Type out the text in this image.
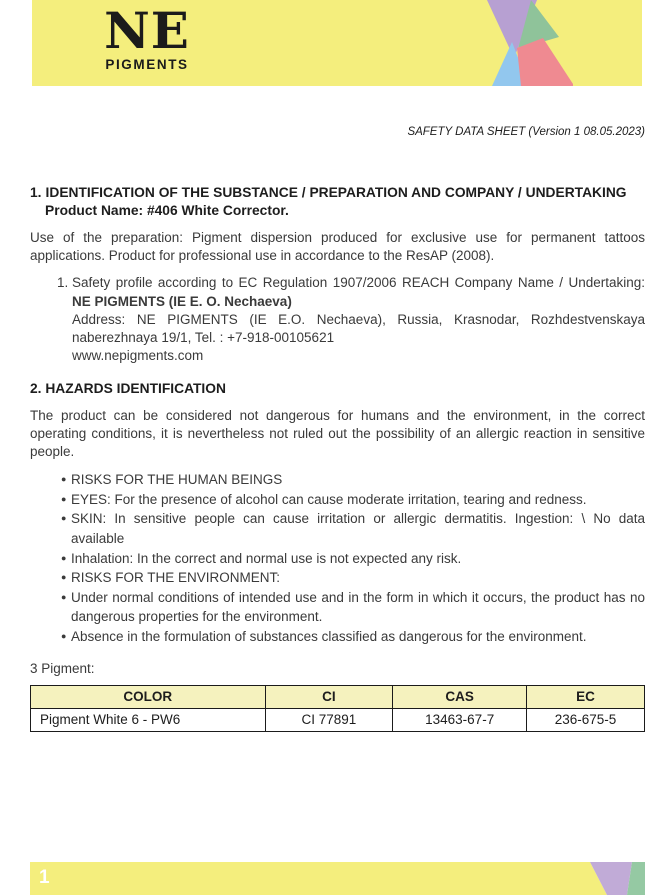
NE
PIGMENTS
SAFETY DATA SHEET (Version 1 08.05.2023)
1. IDENTIFICATION OF THE SUBSTANCE / PREPARATION AND COMPANY / UNDERTAKING
Product Name: #406 White Corrector.

Use of the preparation: Pigment dispersion produced for exclusive use for permanent tattoos applications. Product for professional use in accordance to the ResAP (2008).

1. Safety profile according to EC Regulation 1907/2006 REACH Company Name / Undertaking: NE PIGMENTS (IE E. O. Nechaeva)

Address: NE PIGMENTS (IE E.O. Nechaeva), Russia, Krasnodar, Rozhdestvenskaya naberezhnaya 19/1, Tel. : +7-918-00105621

www.nepigments.com

2. HAZARDS IDENTIFICATION

The product can be considered not dangerous for humans and the environment, in the correct operating conditions, it is nevertheless not ruled out the possibility of an allergic reaction in sensitive people.

● RISKS FOR THE HUMAN BEINGS
● EYES: For the presence of alcohol can cause moderate irritation, tearing and redness.
● SKIN: In sensitive people can cause irritation or allergic dermatitis. Ingestion: \ No data available
● Inhalation: In the correct and normal use is not expected any risk.
● RISKS FOR THE ENVIRONMENT:
● Under normal conditions of intended use and in the form in which it occurs, the product has no dangerous properties for the environment.
● Absence in the formulation of substances classified as dangerous for the environment.

3 Pigment:

COLOR	CI	CAS	EC
Pigment White 6 - PW6	CI 77891	13463-67-7	236-675-5
1
